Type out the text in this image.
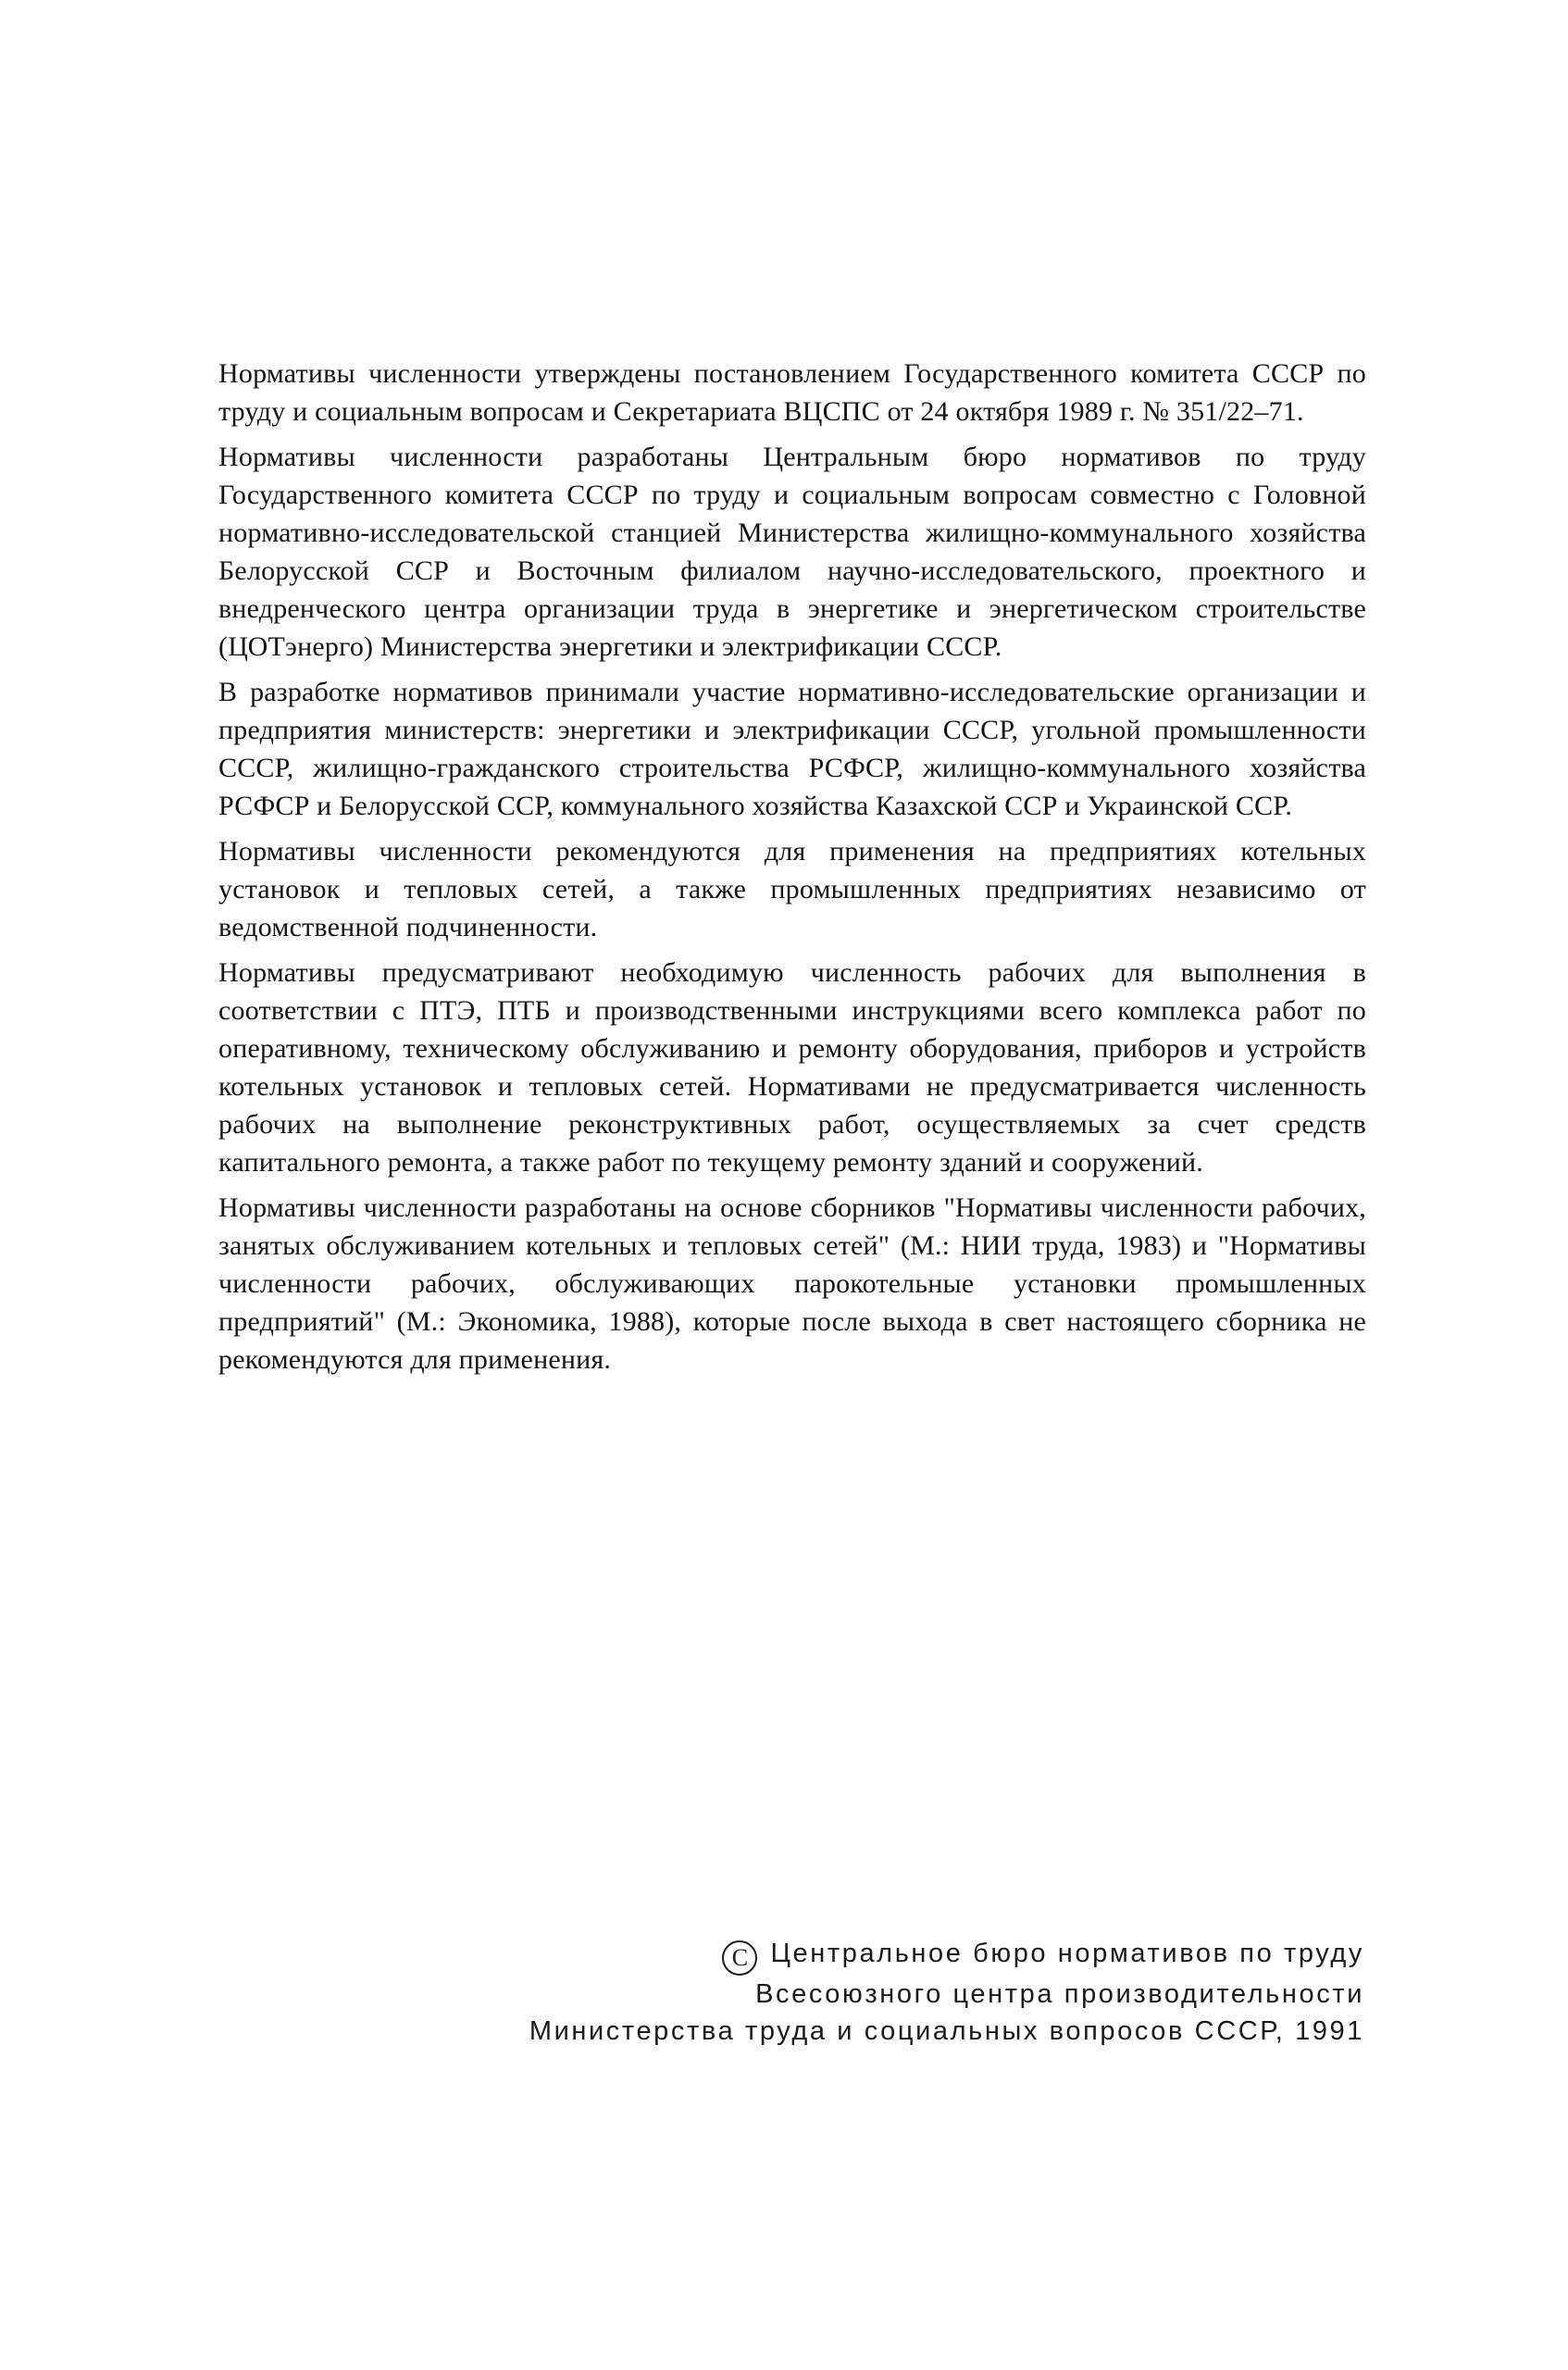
Нормативы численности утверждены постановлением Государственного комитета СССР по труду и социальным вопросам и Секретариата ВЦСПС от 24 октября 1989 г. № 351/22–71.

Нормативы численности разработаны Центральным бюро нормативов по труду Государственного комитета СССР по труду и социальным вопросам совместно с Головной нормативно-исследовательской станцией Министерства жилищно-коммунального хозяйства Белорусской ССР и Восточным филиалом научно-исследовательского, проектного и внедренческого центра организации труда в энергетике и энергетическом строительстве (ЦОТэнерго) Министерства энергетики и электрификации СССР.

В разработке нормативов принимали участие нормативно-исследовательские организации и предприятия министерств: энергетики и электрификации СССР, угольной промышленности СССР, жилищно-гражданского строительства РСФСР, жилищно-коммунального хозяйства РСФСР и Белорусской ССР, коммунального хозяйства Казахской ССР и Украинской ССР.

Нормативы численности рекомендуются для применения на предприятиях котельных установок и тепловых сетей, а также промышленных предприятиях независимо от ведомственной подчиненности.

Нормативы предусматривают необходимую численность рабочих для выполнения в соответствии с ПТЭ, ПТБ и производственными инструкциями всего комплекса работ по оперативному, техническому обслуживанию и ремонту оборудования, приборов и устройств котельных установок и тепловых сетей. Нормативами не предусматривается численность рабочих на выполнение реконструктивных работ, осуществляемых за счет средств капитального ремонта, а также работ по текущему ремонту зданий и сооружений.

Нормативы численности разработаны на основе сборников "Нормативы численности рабочих, занятых обслуживанием котельных и тепловых сетей" (М.: НИИ труда, 1983) и "Нормативы численности рабочих, обслуживающих парокотельные установки промышленных предприятий" (М.: Экономика, 1988), которые после выхода в свет настоящего сборника не рекомендуются для применения.

C Центральное бюро нормативов по труду
Всесоюзного центра производительности
Министерства труда и социальных вопросов СССР, 1991
